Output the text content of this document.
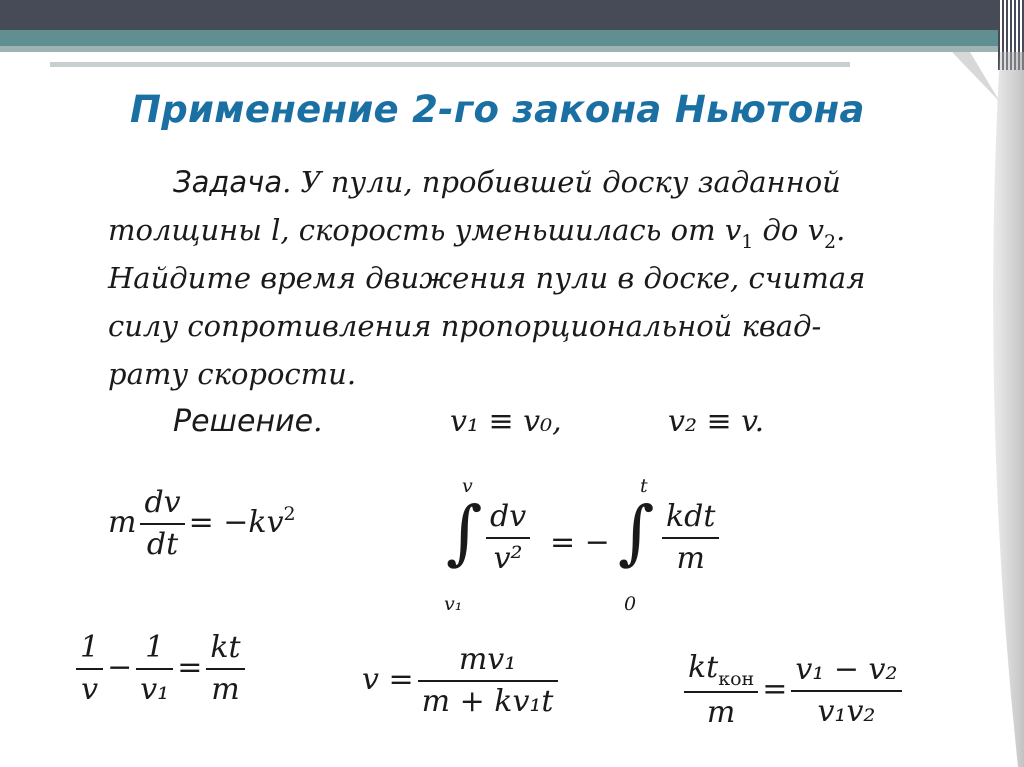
Применение 2-го закона Ньютона
Задача. У пули, пробившей доску заданной
толщины l, скорость уменьшилась от $v_1$ до $v_2$.
Найдите время движения пули в доске, считая
силу сопротивления пропорциональной квад-
рату скорости.
Решение.	v₁ ≡ v₀,	v₂ ≡ v.
m $\frac{dv}{dt} = -kv^2$
v
∫
v₁
dv
v² = −
t
∫
0
kdt
m
$\frac{1}{v} - \frac{1}{\text{v₁}} = \frac{kt}{m}$	$v = \frac{\text{mv₁}}{\text{m + kv₁t}}$	$\frac{kt_{кон}}{m} = \frac{\text{v₁ − v₂}}{\text{v₁v₂}}$
